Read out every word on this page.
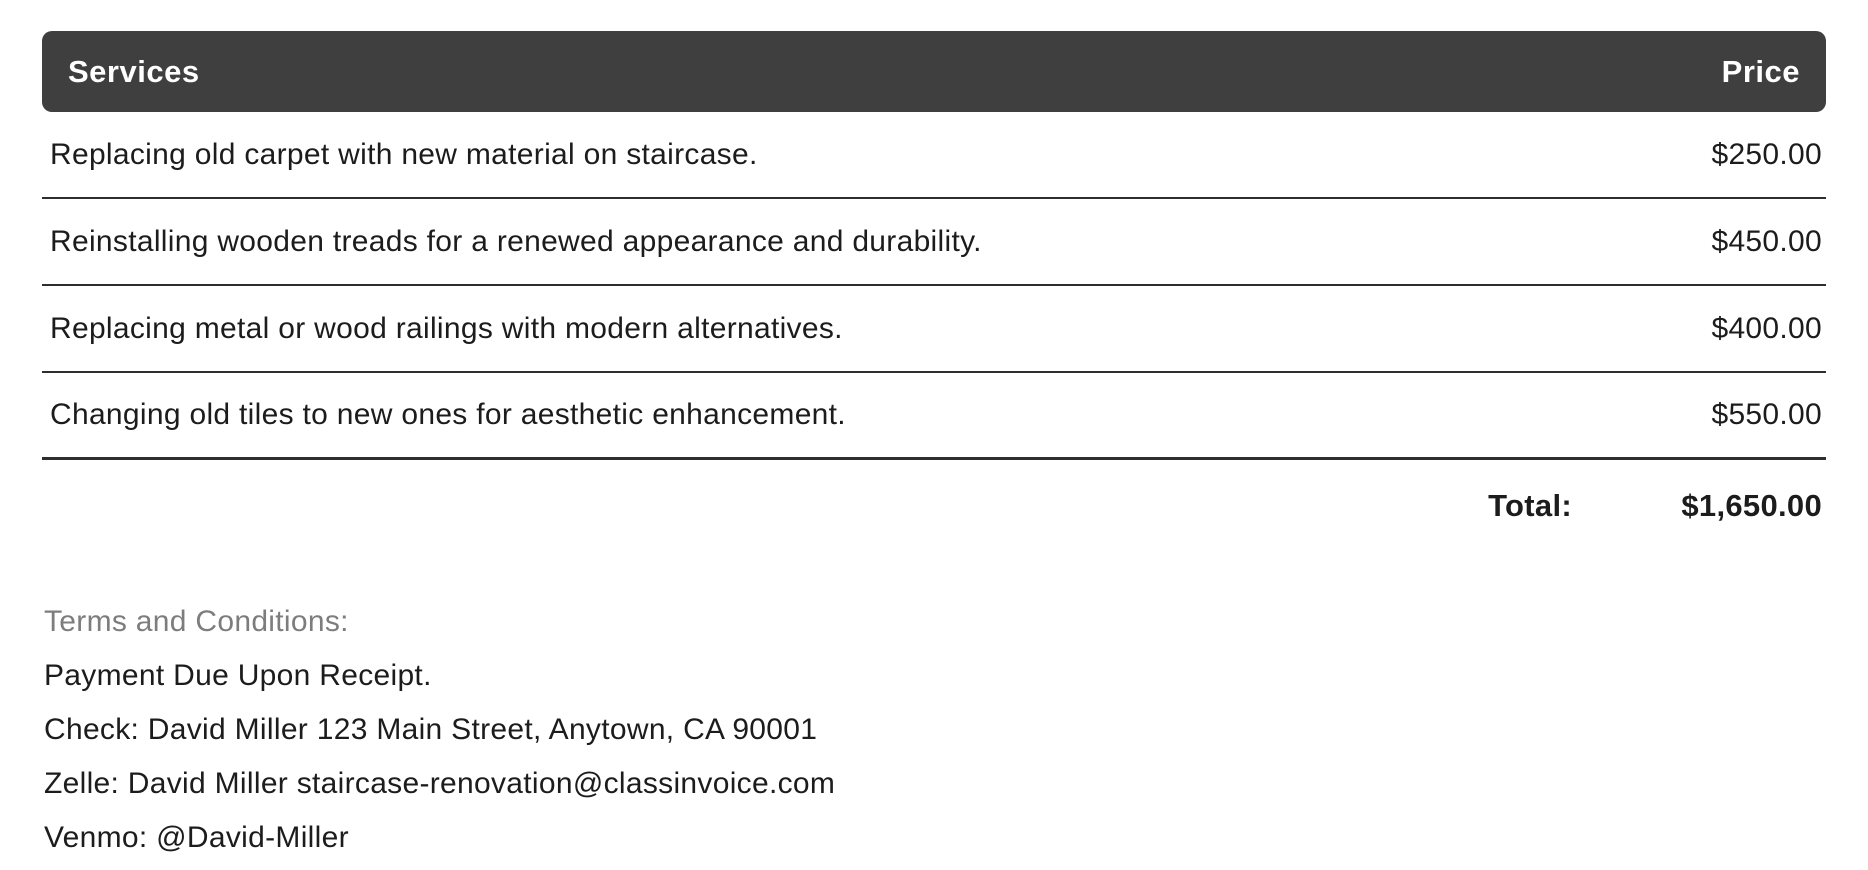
Services	Price
Replacing old carpet with new material on staircase.	$250.00
Reinstalling wooden treads for a renewed appearance and durability.	$450.00
Replacing metal or wood railings with modern alternatives.	$400.00
Changing old tiles to new ones for aesthetic enhancement.	$550.00
Total:	$1,650.00

Terms and Conditions:

Payment Due Upon Receipt.

Check: David Miller 123 Main Street, Anytown, CA 90001

Zelle: David Miller staircase-renovation@classinvoice.com

Venmo: @David-Miller
